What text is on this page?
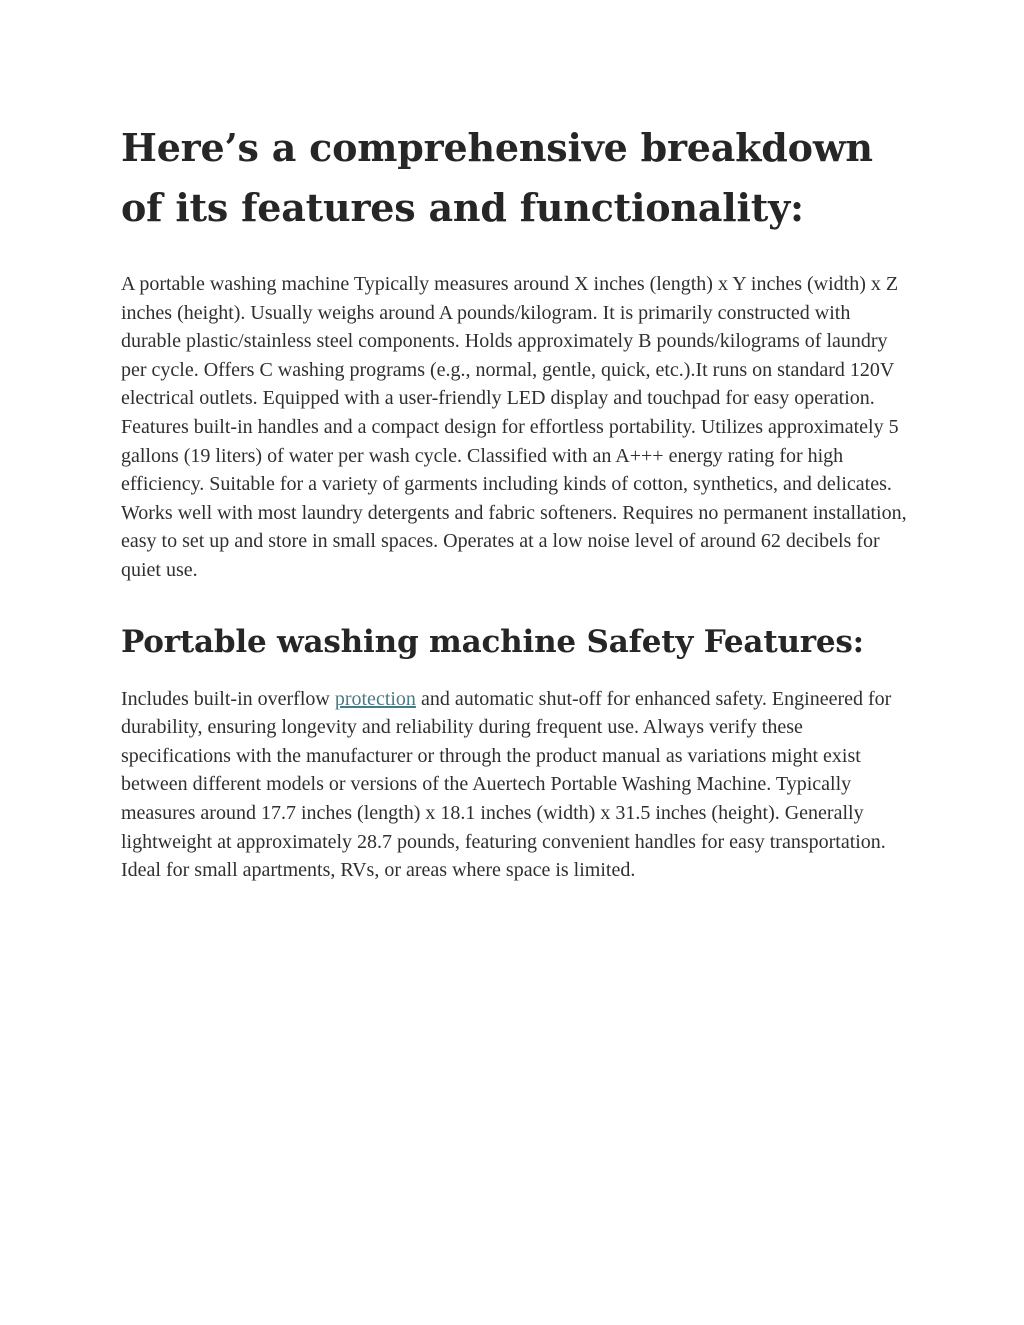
Here’s a comprehensive breakdown of its features and functionality:

A portable washing machine Typically measures around X inches (length) x Y inches (width) x Z inches (height). Usually weighs around A pounds/kilogram. It is primarily constructed with durable plastic/stainless steel components. Holds approximately B pounds/kilograms of laundry per cycle. Offers C washing programs (e.g., normal, gentle, quick, etc.).It runs on standard 120V electrical outlets. Equipped with a user-friendly LED display and touchpad for easy operation. Features built-in handles and a compact design for effortless portability. Utilizes approximately 5 gallons (19 liters) of water per wash cycle. Classified with an A+++ energy rating for high efficiency. Suitable for a variety of garments including kinds of cotton, synthetics, and delicates. Works well with most laundry detergents and fabric softeners. Requires no permanent installation, easy to set up and store in small spaces. Operates at a low noise level of around 62 decibels for quiet use.

Portable washing machine Safety Features:

Includes built-in overflow protection and automatic shut-off for enhanced safety. Engineered for durability, ensuring longevity and reliability during frequent use. Always verify these specifications with the manufacturer or through the product manual as variations might exist between different models or versions of the Auertech Portable Washing Machine. Typically measures around 17.7 inches (length) x 18.1 inches (width) x 31.5 inches (height). Generally lightweight at approximately 28.7 pounds, featuring convenient handles for easy transportation. Ideal for small apartments, RVs, or areas where space is limited.
